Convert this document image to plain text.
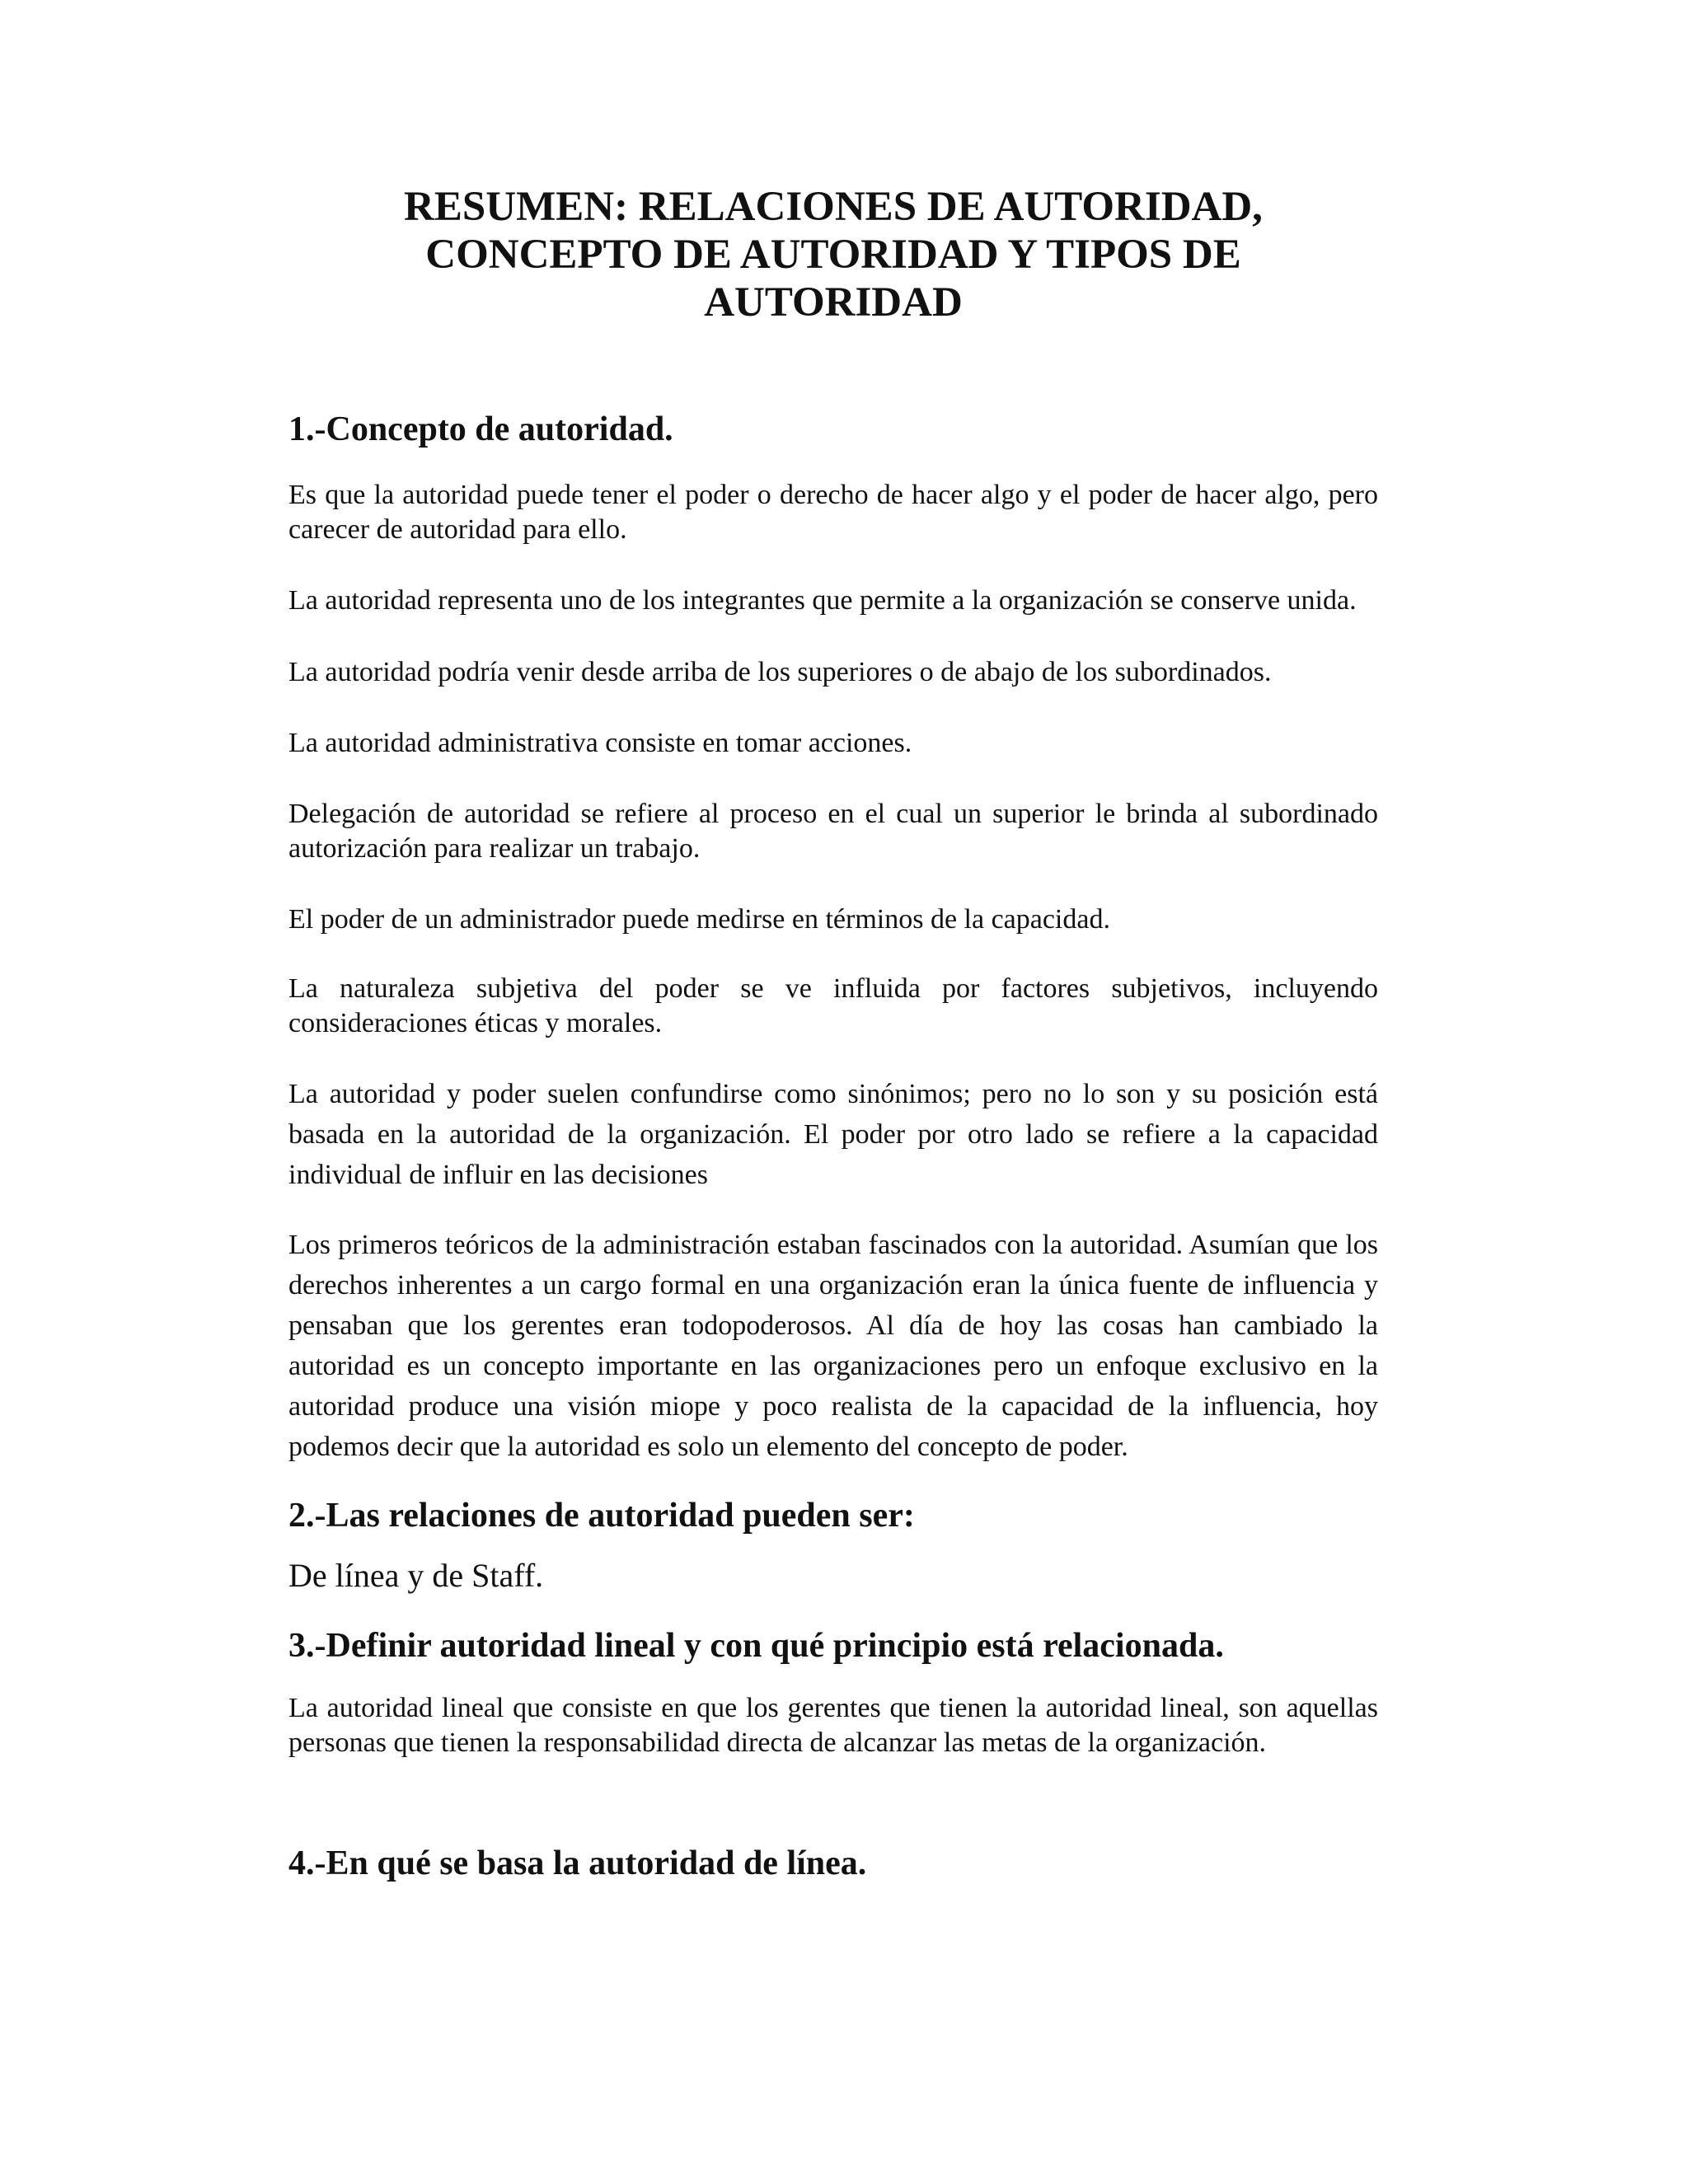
RESUMEN: RELACIONES DE AUTORIDAD, CONCEPTO DE AUTORIDAD Y TIPOS DE AUTORIDAD
1.-Concepto de autoridad.

Es que la autoridad puede tener el poder o derecho de hacer algo y el poder de hacer algo, pero carecer de autoridad para ello.

La autoridad representa uno de los integrantes que permite a la organización se conserve unida.

La autoridad podría venir desde arriba de los superiores o de abajo de los subordinados.

La autoridad administrativa consiste en tomar acciones.

Delegación de autoridad se refiere al proceso en el cual un superior le brinda al subordinado autorización para realizar un trabajo.

El poder de un administrador puede medirse en términos de la capacidad.

La naturaleza subjetiva del poder se ve influida por factores subjetivos, incluyendo consideraciones éticas y morales.

La autoridad y poder suelen confundirse como sinónimos; pero no lo son y su posición está basada en la autoridad de la organización. El poder por otro lado se refiere a la capacidad individual de influir en las decisiones

Los primeros teóricos de la administración estaban fascinados con la autoridad. Asumían que los derechos inherentes a un cargo formal en una organización eran la única fuente de influencia y pensaban que los gerentes eran todopoderosos. Al día de hoy las cosas han cambiado la autoridad es un concepto importante en las organizaciones pero un enfoque exclusivo en la autoridad produce una visión miope y poco realista de la capacidad de la influencia, hoy podemos decir que la autoridad es solo un elemento del concepto de poder.

2.-Las relaciones de autoridad pueden ser:

De línea y de Staff.

3.-Definir autoridad lineal y con qué principio está relacionada.

La autoridad lineal que consiste en que los gerentes que tienen la autoridad lineal, son aquellas personas que tienen la responsabilidad directa de alcanzar las metas de la organización.

4.-En qué se basa la autoridad de línea.
